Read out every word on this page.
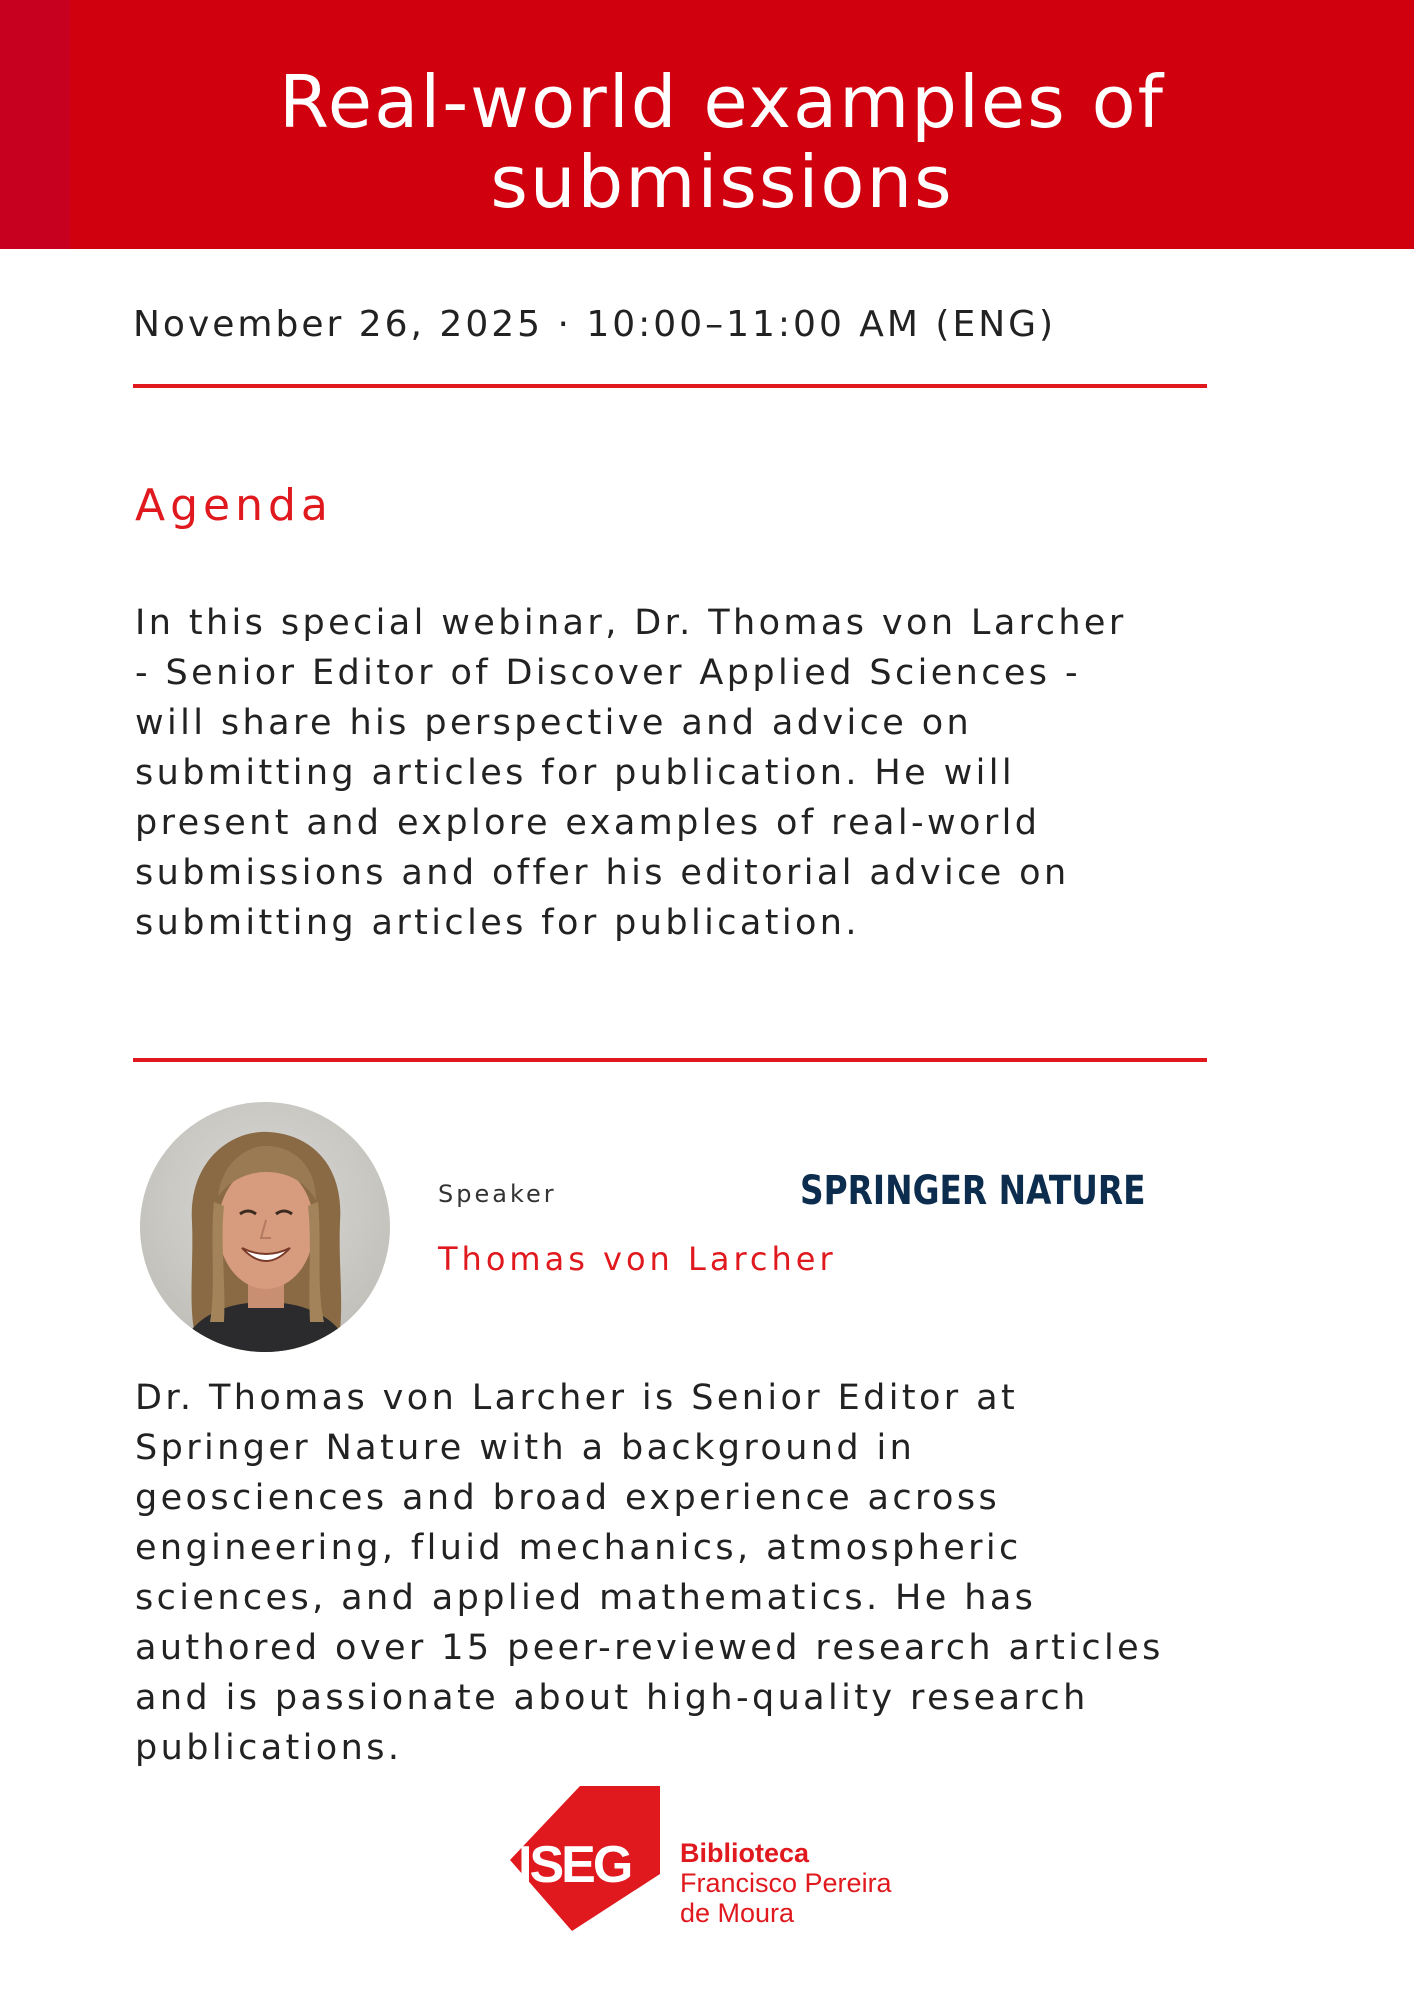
Real-world examples of
submissions
November 26, 2025 · 10:00–11:00 AM (ENG)
Agenda
In this special webinar, Dr. Thomas von Larcher
- Senior Editor of Discover Applied Sciences -
will share his perspective and advice on
submitting articles for publication. He will
present and explore examples of real-world
submissions and offer his editorial advice on
submitting articles for publication.
Speaker
Thomas von Larcher
SPRINGER NATURE
Dr. Thomas von Larcher is Senior Editor at
Springer Nature with a background in
geosciences and broad experience across
engineering, fluid mechanics, atmospheric
sciences, and applied mathematics. He has
authored over 15 peer-reviewed research articles
and is passionate about high-quality research
publications.
ISEG Biblioteca
Francisco Pereira
de Moura
